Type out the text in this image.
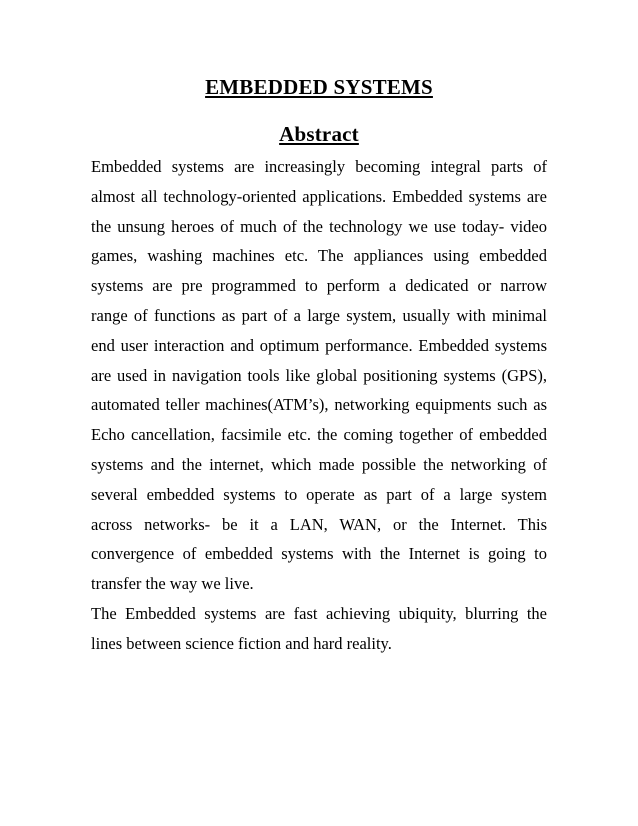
EMBEDDED SYSTEMS
Abstract
Embedded systems are increasingly becoming integral parts of
almost all technology-oriented applications. Embedded systems are
the unsung heroes of much of the technology we use today- video
games, washing machines etc. The appliances using embedded
systems are pre programmed to perform a dedicated or narrow
range of functions as part of a large system, usually with minimal
end user interaction and optimum performance. Embedded systems
are used in navigation tools like global positioning systems (GPS),
automated teller machines(ATM’s), networking equipments such as
Echo cancellation, facsimile etc. the coming together of embedded
systems and the internet, which made possible the networking of
several embedded systems to operate as part of a large system
across networks- be it a LAN, WAN, or the Internet. This
convergence of embedded systems with the Internet is going to
transfer the way we live.
The Embedded systems are fast achieving ubiquity, blurring the
lines between science fiction and hard reality.
